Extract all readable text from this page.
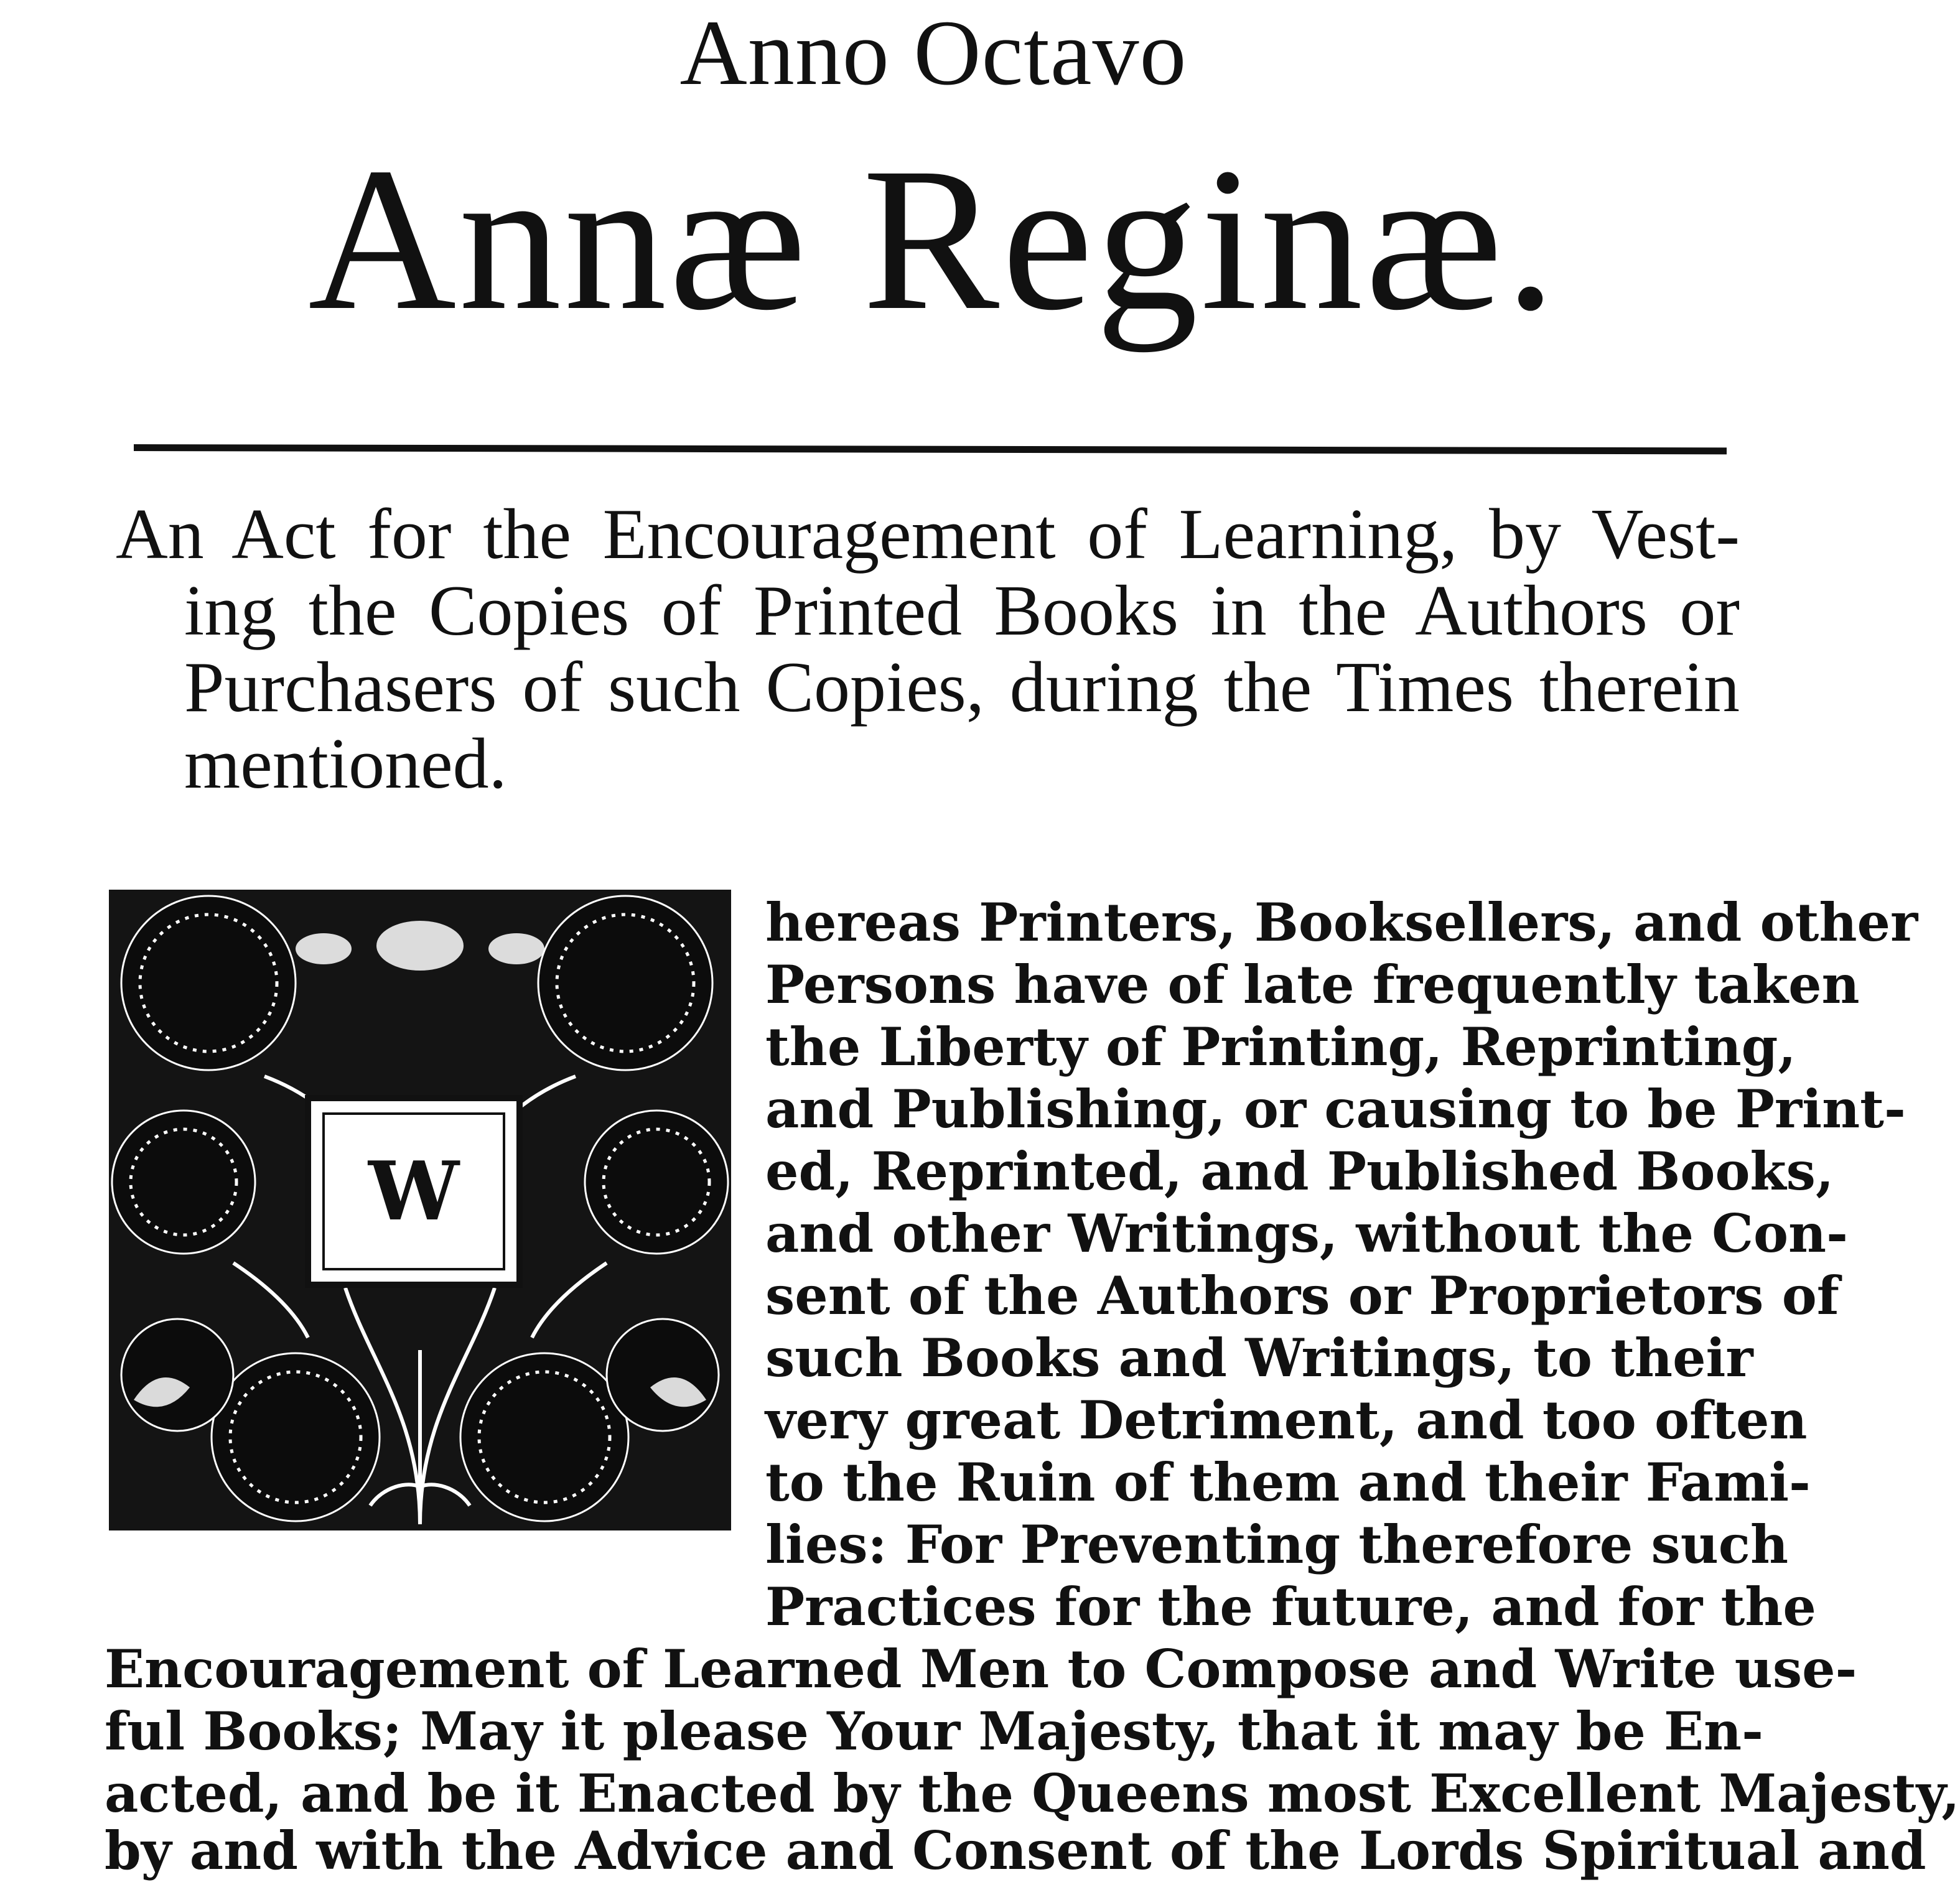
Anno Octavo
Annæ Reginæ.
An Act for the Encouragement of Learning, by Vest-
ing the Copies of Printed Books in the Authors or
Purchasers of such Copies, during the Times therein
mentioned.
W
hereas Printers, Booksellers, and other
Persons have of late frequently taken
the Liberty of Printing, Reprinting,
and Publishing, or causing to be Print-
ed, Reprinted, and Published Books,
and other Writings, without the Con-
sent of the Authors or Proprietors of
such Books and Writings, to their
very great Detriment, and too often
to the Ruin of them and their Fami-
lies: For Preventing therefore such
Practices for the future, and for the
Encouragement of Learned Men to Compose and Write use-
ful Books; May it please Your Majesty, that it may be En-
acted, and be it Enacted by the Queens most Excellent Majesty,
by and with the Advice and Consent of the Lords Spiritual and
